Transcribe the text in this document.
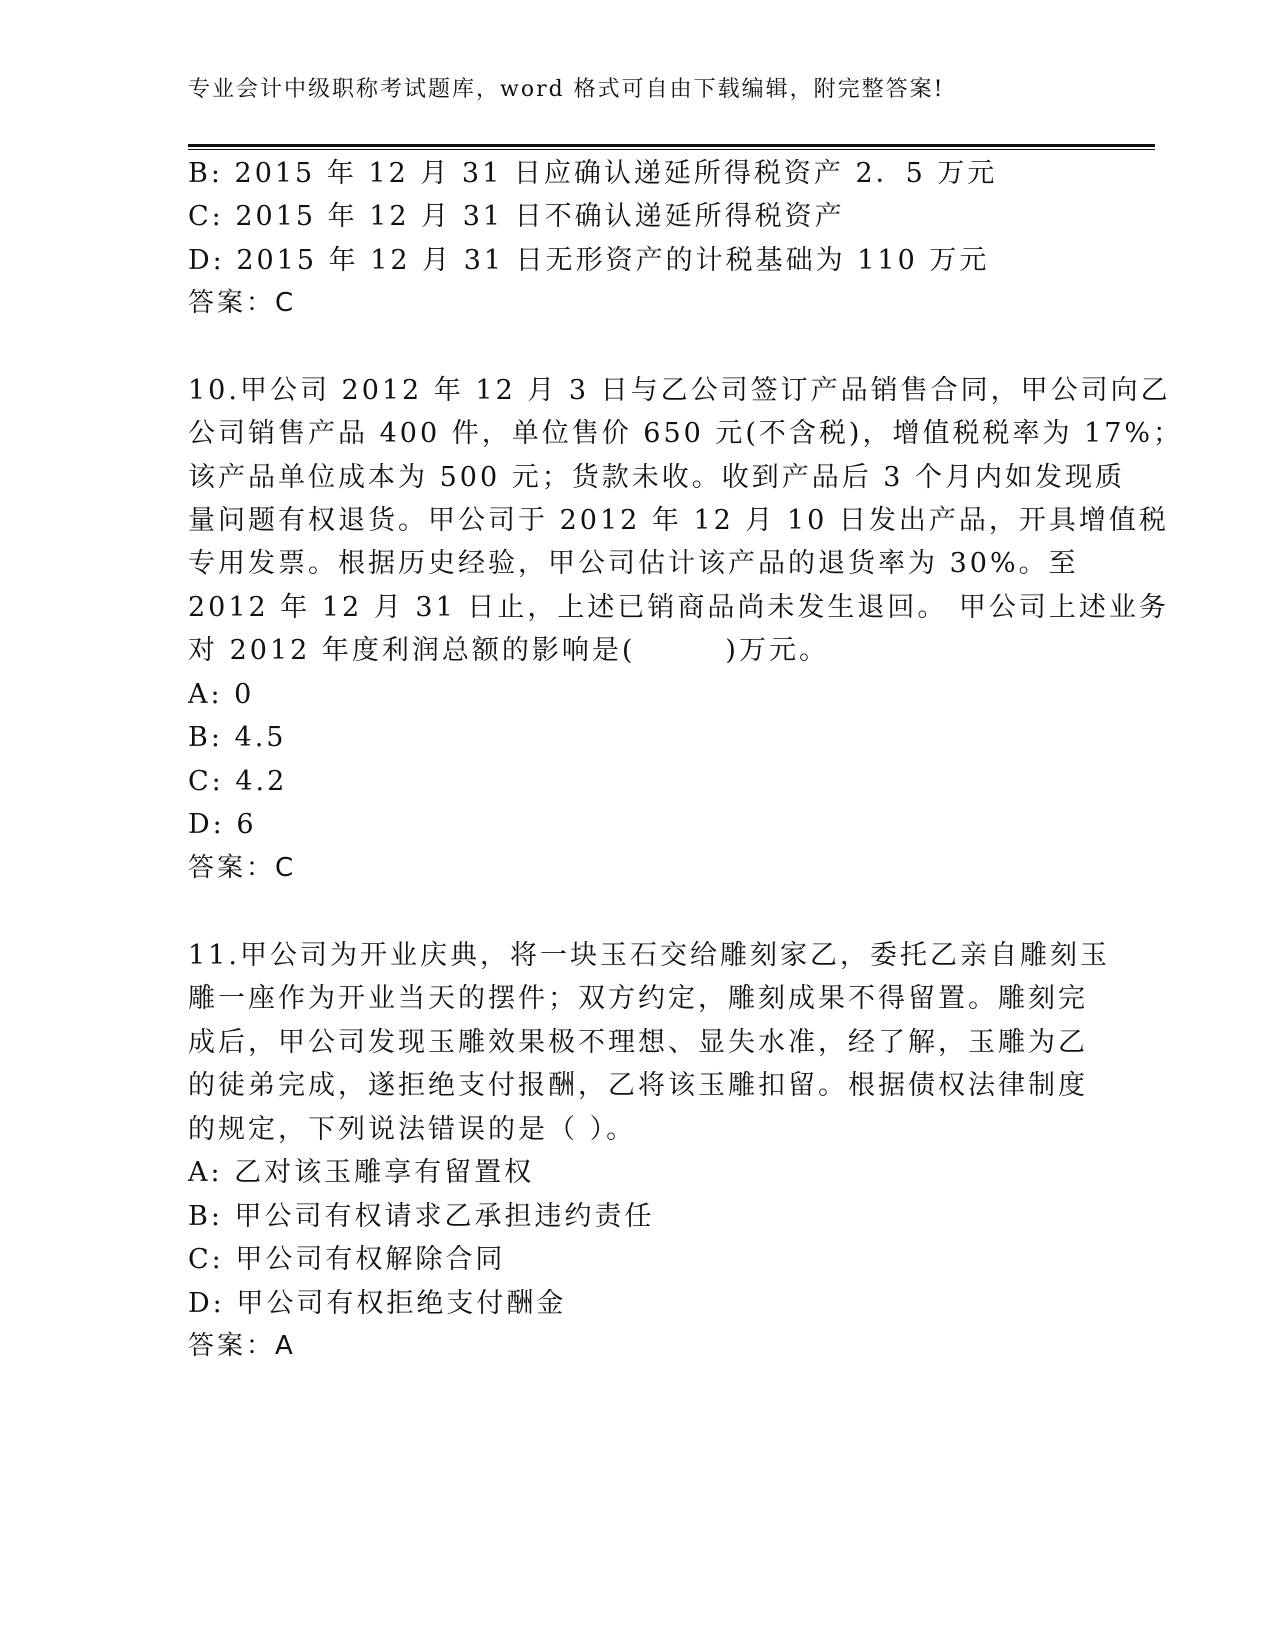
专业会计中级职称考试题库，word 格式可自由下载编辑，附完整答案!
B: 2015 年 12 月 31 日应确认递延所得税资产 2．5 万元
C: 2015 年 12 月 31 日不确认递延所得税资产
D: 2015 年 12 月 31 日无形资产的计税基础为 110 万元
答案：C
10.甲公司 2012 年 12 月 3 日与乙公司签订产品销售合同，甲公司向乙
公司销售产品 400 件，单位售价 650 元(不含税)，增值税税率为 17%；
该产品单位成本为 500 元；货款未收。收到产品后 3 个月内如发现质
量问题有权退货。甲公司于 2012 年 12 月 10 日发出产品，开具增值税
专用发票。根据历史经验，甲公司估计该产品的退货率为 30%。至
2012 年 12 月 31 日止，上述已销商品尚未发生退回。 甲公司上述业务
对 2012 年度利润总额的影响是(　　　)万元。
A: 0
B: 4.5
C: 4.2
D: 6
答案：C
11.甲公司为开业庆典，将一块玉石交给雕刻家乙，委托乙亲自雕刻玉
雕一座作为开业当天的摆件；双方约定，雕刻成果不得留置。雕刻完
成后，甲公司发现玉雕效果极不理想、显失水准，经了解，玉雕为乙
的徒弟完成，遂拒绝支付报酬，乙将该玉雕扣留。根据债权法律制度
的规定，下列说法错误的是（ ）。
A: 乙对该玉雕享有留置权
B: 甲公司有权请求乙承担违约责任
C: 甲公司有权解除合同
D: 甲公司有权拒绝支付酬金
答案：A
